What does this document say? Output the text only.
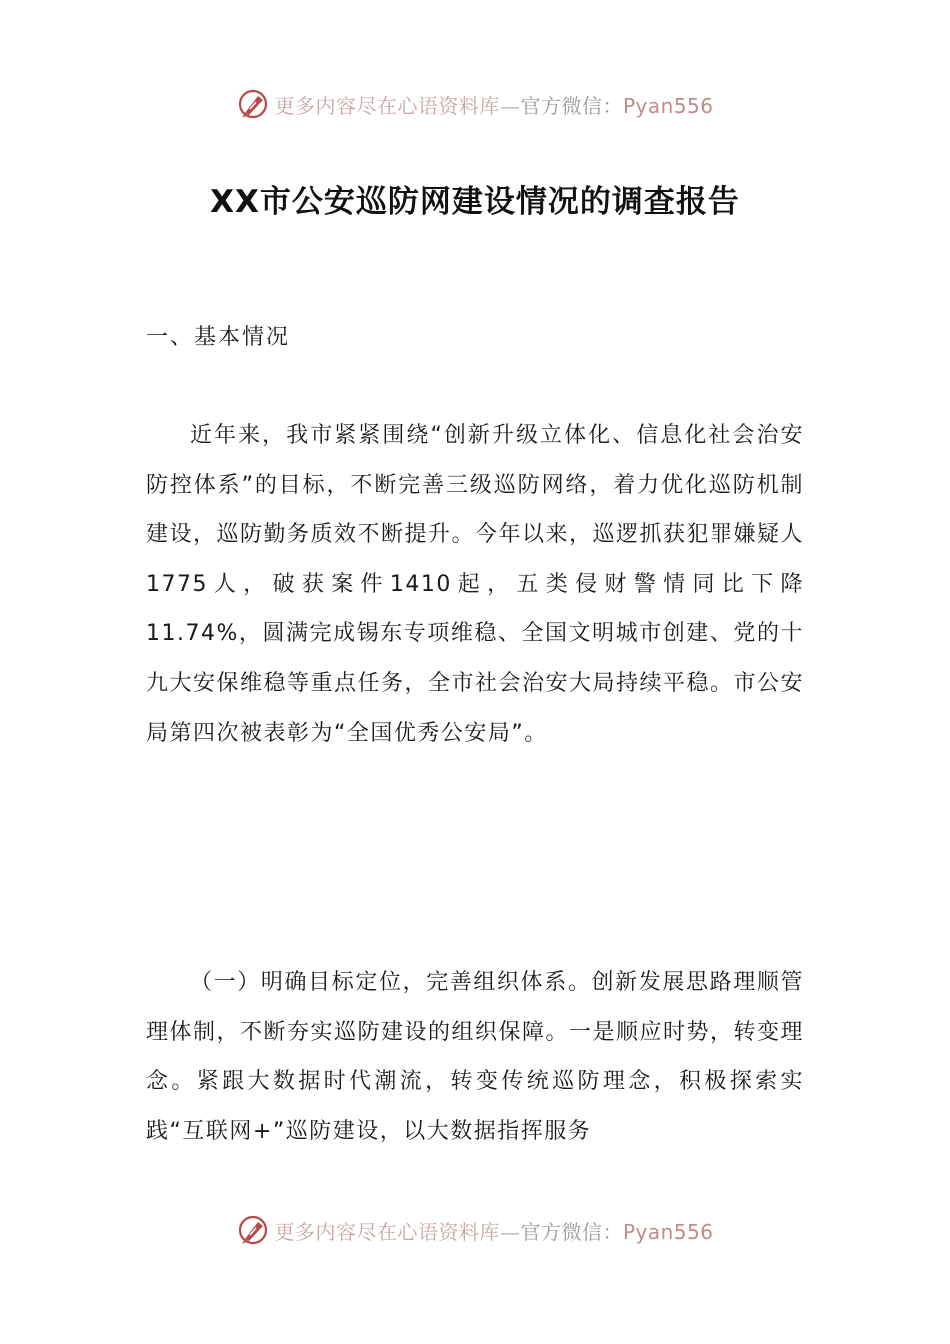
更多内容尽在心语资料库—官方微信：Pyan556
XX市公安巡防网建设情况的调查报告
一、基本情况

近年来，我市紧紧围绕“创新升级立体化、信息化社会治安防控体系”的目标，不断完善三级巡防网络，着力优化巡防机制建设，巡防勤务质效不断提升。今年以来，巡逻抓获犯罪嫌疑人1775人，破获案件1410起，五类侵财警情同比下降11.74%，圆满完成锡东专项维稳、全国文明城市创建、党的十九大安保维稳等重点任务，全市社会治安大局持续平稳。市公安局第四次被表彰为“全国优秀公安局”。

（一）明确目标定位，完善组织体系。创新发展思路理顺管理体制，不断夯实巡防建设的组织保障。一是顺应时势，转变理念。紧跟大数据时代潮流，转变传统巡防理念，积极探索实践“互联网+”巡防建设，以大数据指挥服务

更多内容尽在心语资料库—官方微信：Pyan556
